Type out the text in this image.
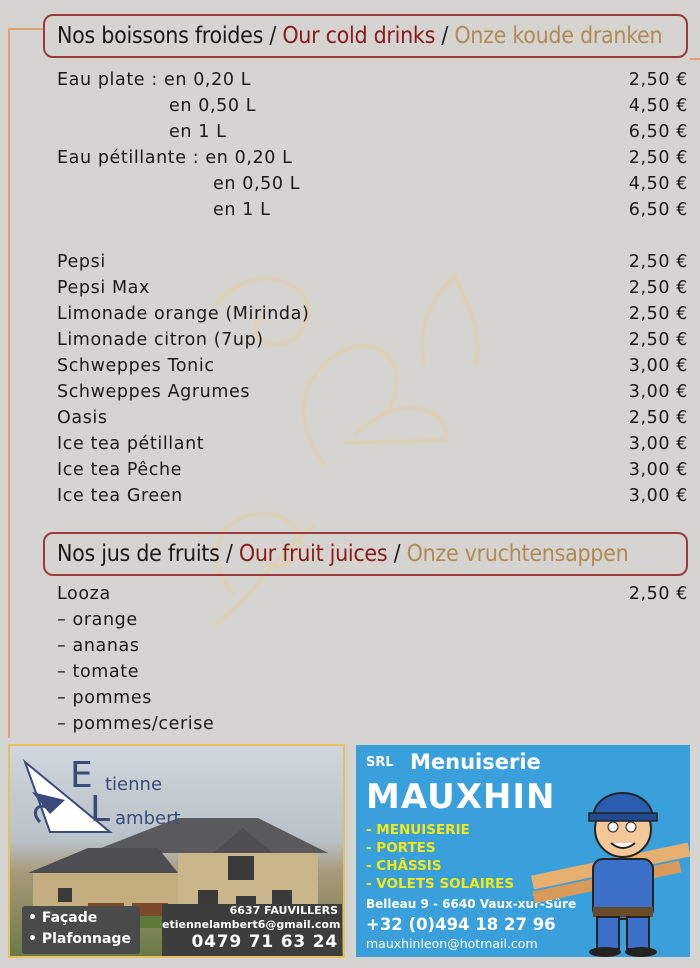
Nos boissons froides / Our cold drinks / Onze koude dranken
Eau plate : en 0,20 L	2,50 €
en 0,50 L	4,50 €
en 1 L	6,50 €
Eau pétillante : en 0,20 L	2,50 €
en 0,50 L	4,50 €
en 1 L	6,50 €
Pepsi	2,50 €
Pepsi Max	2,50 €
Limonade orange (Mirinda)	2,50 €
Limonade citron (7up)	2,50 €
Schweppes Tonic	3,00 €
Schweppes Agrumes	3,00 €
Oasis	2,50 €
Ice tea pétillant	3,00 €
Ice tea Pêche	3,00 €
Ice tea Green	3,00 €
Nos jus de fruits / Our fruit juices / Onze vruchtensappen
Looza	2,50 €
– orange
– ananas
– tomate
– pommes
– pommes/cerise
E tienne
L ambert
• Façade
• Plafonnage
6637 FAUVILLERS
etiennelambert6@gmail.com
0479 71 63 24
SRL Menuiserie
MAUXHIN
- MENUISERIE
- PORTES
- CHÂSSIS
- VOLETS SOLAIRES
Belleau 9 - 6640 Vaux-xur-Sûre
+32 (0)494 18 27 96
mauxhinleon@hotmail.com
